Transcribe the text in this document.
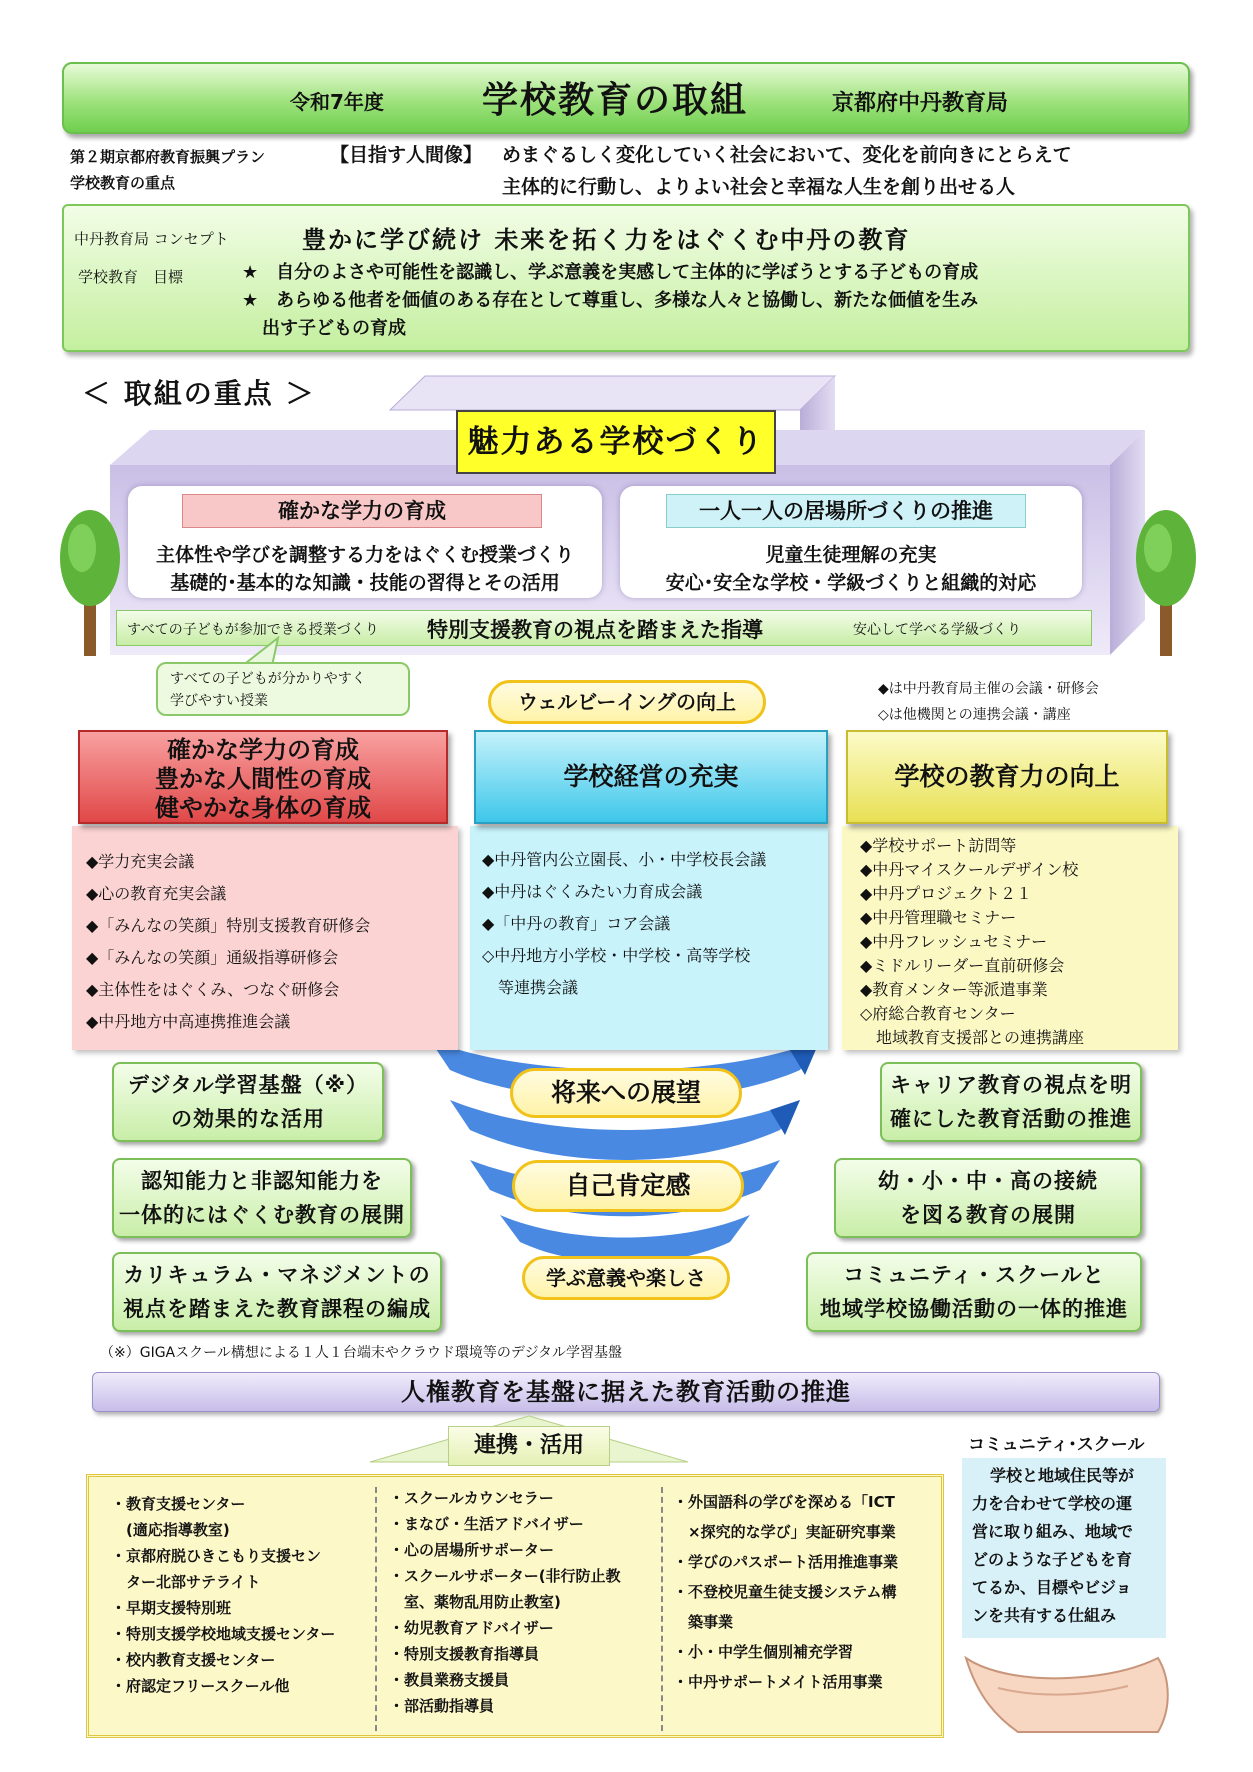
令和7年度	学校教育の取組	京都府中丹教育局
第２期京都府教育振興プラン
学校教育の重点
【目指す人間像】 めまぐるしく変化していく社会において、変化を前向きにとらえて
主体的に行動し、よりよい社会と幸福な人生を創り出せる人
中丹教育局 コンセプト	豊かに学び続け 未来を拓く力をはぐくむ中丹の教育
学校教育　目標	★　自分のよさや可能性を認識し、学ぶ意義を実感して主体的に学ぼうとする子どもの育成
★　あらゆる他者を価値のある存在として尊重し、多様な人々と協働し、新たな価値を生み
出す子どもの育成
＜ 取組の重点 ＞
魅力ある学校づくり
確かな学力の育成
主体性や学びを調整する力をはぐくむ授業づくり
基礎的･基本的な知識・技能の習得とその活用
一人一人の居場所づくりの推進
児童生徒理解の充実
安心･安全な学校・学級づくりと組織的対応
すべての子どもが参加できる授業づくり 特別支援教育の視点を踏まえた指導	安心して学べる学級づくり
すべての子どもが分かりやすく
学びやすい授業
◆は中丹教育局主催の会議・研修会
◇は他機関との連携会議・講座
ウェルビーイングの向上
将来への展望
自己肯定感
学ぶ意義や楽しさ
確かな学力の育成
豊かな人間性の育成
健やかな身体の育成
学校経営の充実	学校の教育力の向上
◆学力充実会議
◆心の教育充実会議
◆「みんなの笑顔」特別支援教育研修会
◆「みんなの笑顔」通級指導研修会
◆主体性をはぐくみ、つなぐ研修会
◆中丹地方中高連携推進会議
◆中丹管内公立園長、小・中学校長会議
◆中丹はぐくみたい力育成会議
◆「中丹の教育」コア会議
◇中丹地方小学校・中学校・高等学校
　等連携会議
◆学校サポート訪問等
◆中丹マイスクールデザイン校
◆中丹プロジェクト２１
◆中丹管理職セミナー
◆中丹フレッシュセミナー
◆ミドルリーダー直前研修会
◆教育メンター等派遣事業
◇府総合教育センター
　地域教育支援部との連携講座
デジタル学習基盤（※）
の効果的な活用
認知能力と非認知能力を
一体的にはぐくむ教育の展開
カリキュラム・マネジメントの
視点を踏まえた教育課程の編成
キャリア教育の視点を明
確にした教育活動の推進
幼・小・中・高の接続
を図る教育の展開
コミュニティ・スクールと
地域学校協働活動の一体的推進
（※）GIGAスクール構想による１人１台端末やクラウド環境等のデジタル学習基盤
人権教育を基盤に据えた教育活動の推進
連携・活用
・教育支援センター
　(適応指導教室)
・京都府脱ひきこもり支援セン
　ター北部サテライト
・早期支援特別班
・特別支援学校地域支援センター
・校内教育支援センター
・府認定フリースクール他
・スクールカウンセラー
・まなび・生活アドバイザー
・心の居場所サポーター
・スクールサポーター(非行防止教
　室、薬物乱用防止教室)
・幼児教育アドバイザー
・特別支援教育指導員
・教員業務支援員
・部活動指導員
・外国語科の学びを深める「ICT
　×探究的な学び」実証研究事業
・学びのパスポート活用推進事業
・不登校児童生徒支援システム構
　築事業
・小・中学生個別補充学習
・中丹サポートメイト活用事業
コミュニティ･スクール
学校と地域住民等が
力を合わせて学校の運
営に取り組み、地域で
どのような子どもを育
てるか、目標やビジョ
ンを共有する仕組み
